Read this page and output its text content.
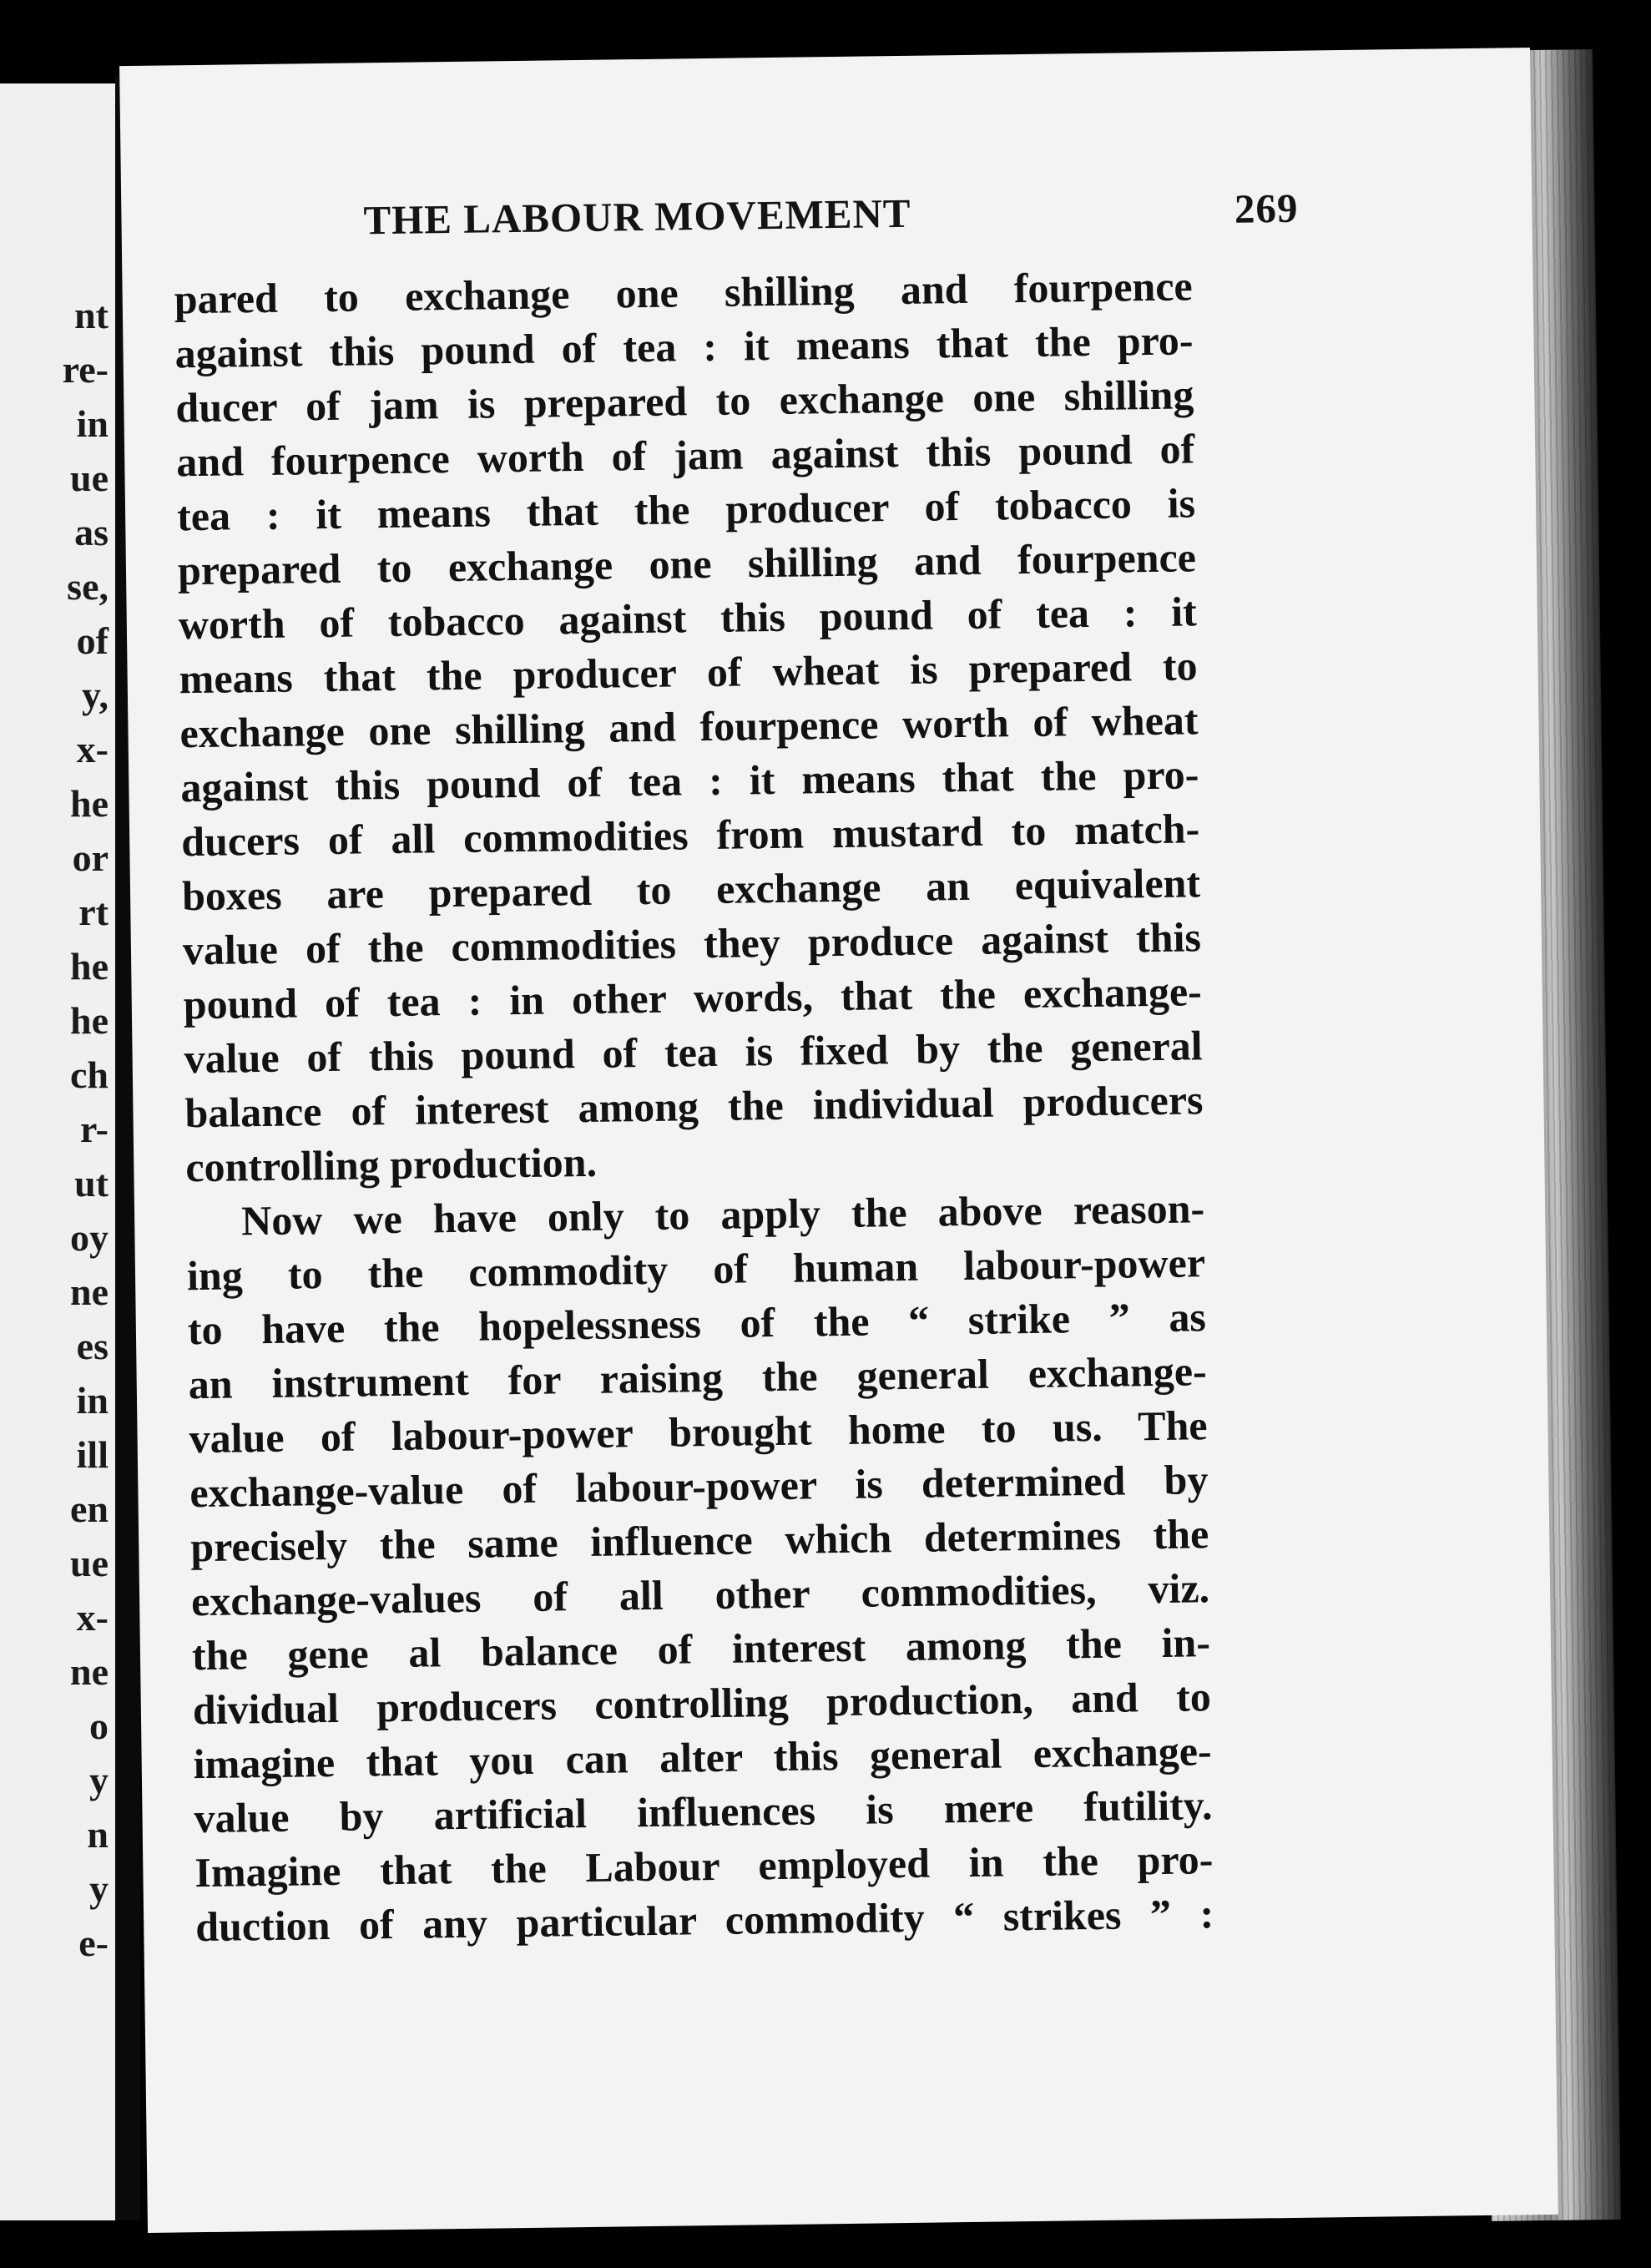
nt
re-
in
ue
as
se,
of
y,
x-
he
or
rt
he
he
ch
r-
ut
oy
ne
es
in
ill
en
ue
x-
ne
o
y
n
y
e-
THE LABOUR MOVEMENT	269
pared to exchange one shilling and fourpence
against this pound of tea : it means that the pro-
ducer of jam is prepared to exchange one shilling
and fourpence worth of jam against this pound of
tea : it means that the producer of tobacco is
prepared to exchange one shilling and fourpence
worth of tobacco against this pound of tea : it
means that the producer of wheat is prepared to
exchange one shilling and fourpence worth of wheat
against this pound of tea : it means that the pro-
ducers of all commodities from mustard to match-
boxes are prepared to exchange an equivalent
value of the commodities they produce against this
pound of tea : in other words, that the exchange-
value of this pound of tea is fixed by the general
balance of interest among the individual producers
controlling production.
Now we have only to apply the above reason-
ing to the commodity of human labour-power
to have the hopelessness of the “ strike ” as
an instrument for raising the general exchange-
value of labour-power brought home to us. The
exchange-value of labour-power is determined by
precisely the same influence which determines the
exchange-values of all other commodities, viz.
the gene al balance of interest among the in-
dividual producers controlling production, and to
imagine that you can alter this general exchange-
value by artificial influences is mere futility.
Imagine that the Labour employed in the pro-
duction of any particular commodity “ strikes ” :
